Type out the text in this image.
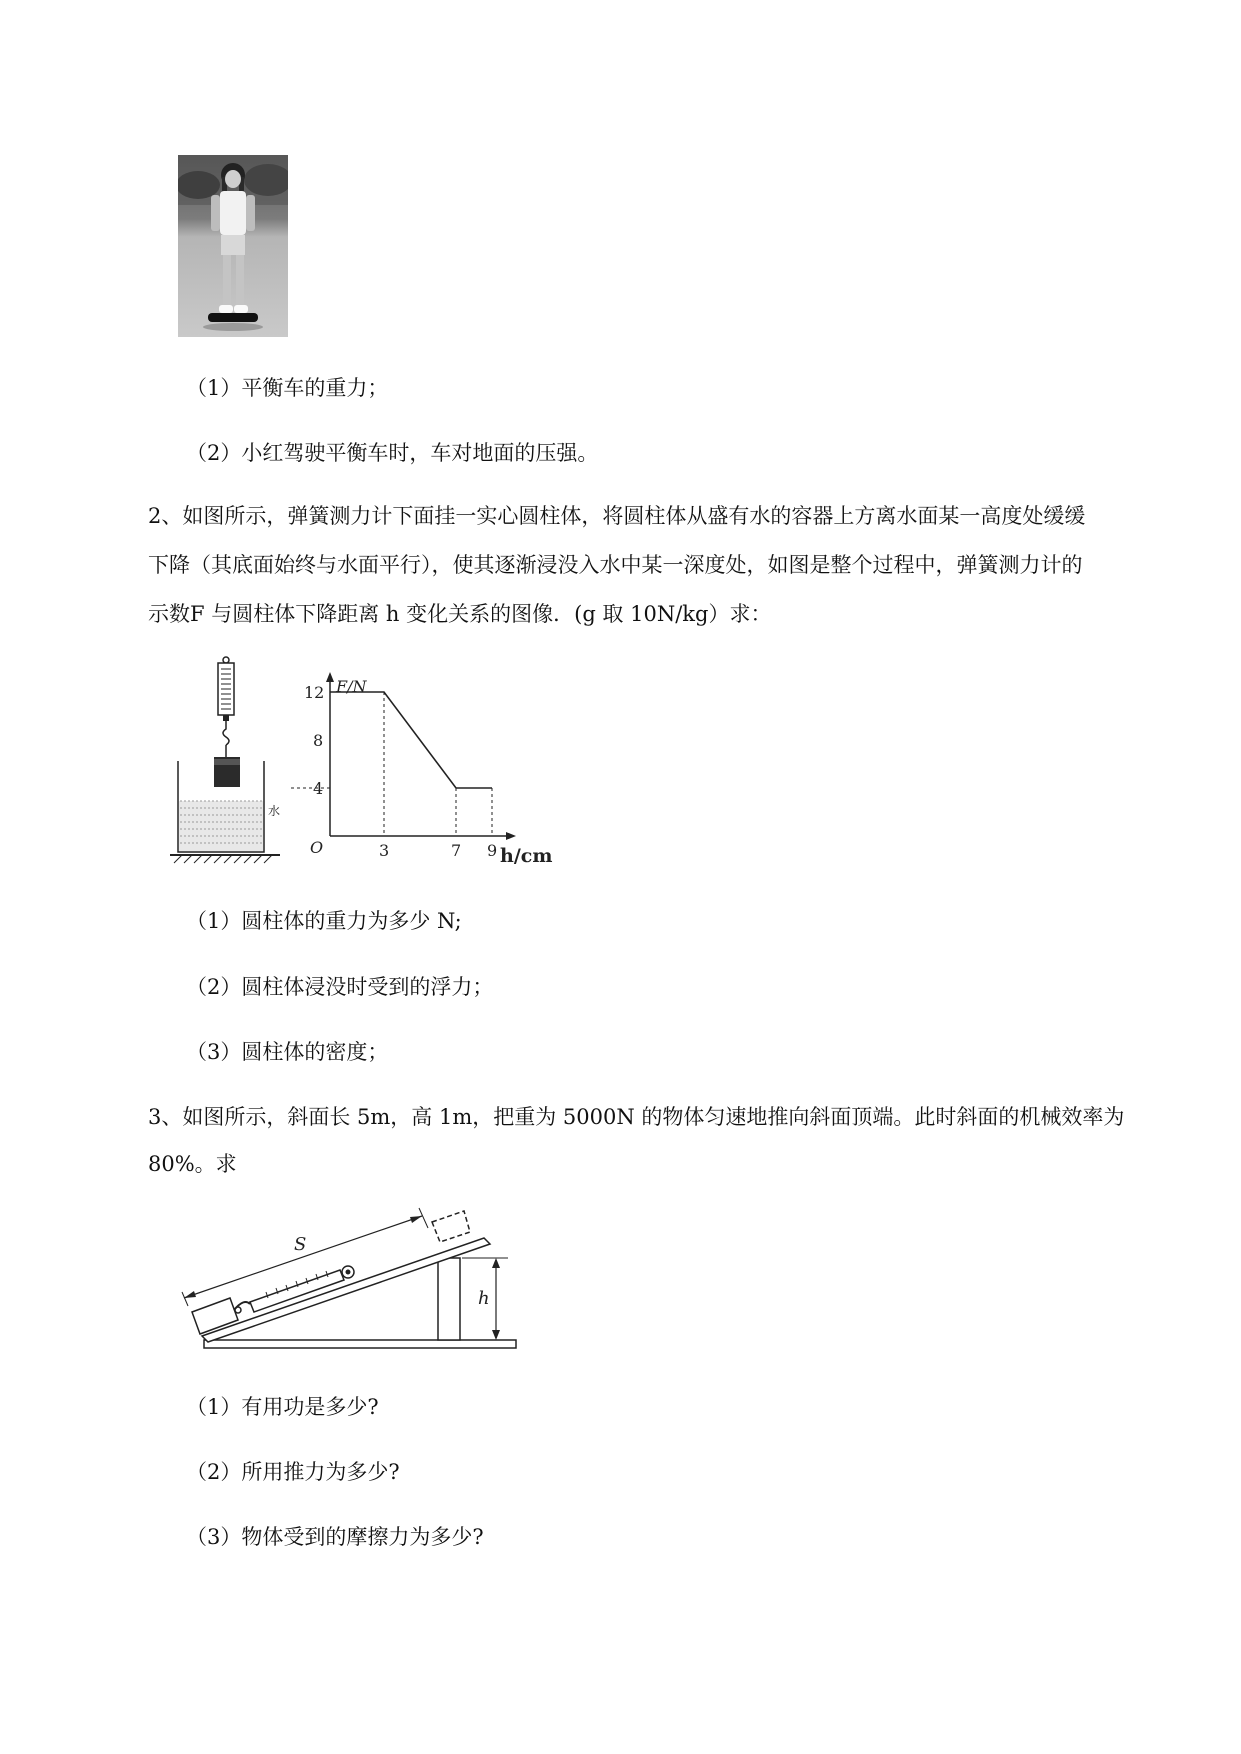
（1）平衡车的重力；
（2）小红驾驶平衡车时，车对地面的压强。
2、如图所示，弹簧测力计下面挂一实心圆柱体，将圆柱体从盛有水的容器上方离水面某一高度处缓缓
下降（其底面始终与水面平行），使其逐渐浸没入水中某一深度处，如图是整个过程中，弹簧测力计的
示数F 与圆柱体下降距离 h 变化关系的图像．(g 取 10N/kg）求：
水
F/N
h/cm
O	3	7 9
4
8
12
（1）圆柱体的重力为多少 N;
（2）圆柱体浸没时受到的浮力；
（3）圆柱体的密度；
3、如图所示，斜面长 5m，高 1m，把重为 5000N 的物体匀速地推向斜面顶端。此时斜面的机械效率为
80%。求
S
h
（1）有用功是多少?
（2）所用推力为多少?
（3）物体受到的摩擦力为多少?
